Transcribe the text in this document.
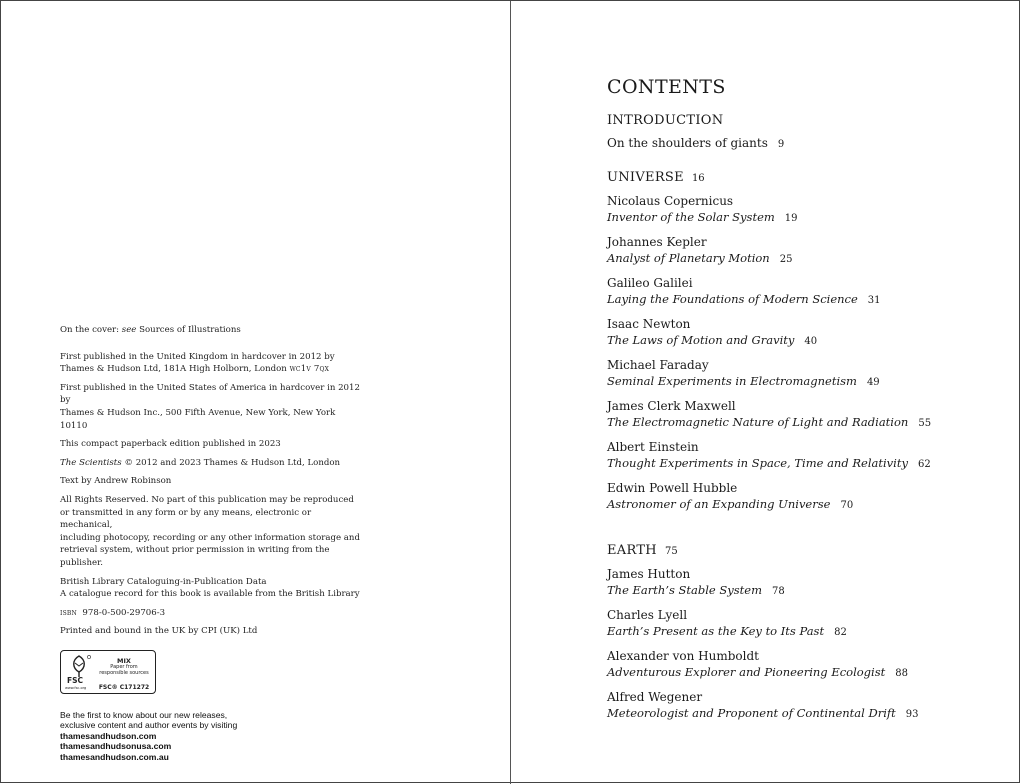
On the cover: see Sources of Illustrations

First published in the United Kingdom in hardcover in 2012 by
Thames & Hudson Ltd, 181A High Holborn, London wc1v 7qx

First published in the United States of America in hardcover in 2012 by
Thames & Hudson Inc., 500 Fifth Avenue, New York, New York 10110

This compact paperback edition published in 2023

The Scientists © 2012 and 2023 Thames & Hudson Ltd, London

Text by Andrew Robinson

All Rights Reserved. No part of this publication may be reproduced
or transmitted in any form or by any means, electronic or mechanical,
including photocopy, recording or any other information storage and
retrieval system, without prior permission in writing from the publisher.

British Library Cataloguing-in-Publication Data
A catalogue record for this book is available from the British Library

isbn 978-0-500-29706-3

Printed and bound in the UK by CPI (UK) Ltd

FSC
www.fsc.org
MIX
Paper from
responsible sources
FSC® C171272
Be the first to know about our new releases,
exclusive content and author events by visiting
thamesandhudson.com
thamesandhudsonusa.com
thamesandhudson.com.au
CONTENTS
INTRODUCTION
On the shoulders of giants 9
UNIVERSE 16
Nicolaus Copernicus
Inventor of the Solar System 19
Johannes Kepler
Analyst of Planetary Motion 25
Galileo Galilei
Laying the Foundations of Modern Science 31
Isaac Newton
The Laws of Motion and Gravity 40
Michael Faraday
Seminal Experiments in Electromagnetism 49
James Clerk Maxwell
The Electromagnetic Nature of Light and Radiation 55
Albert Einstein
Thought Experiments in Space, Time and Relativity 62
Edwin Powell Hubble
Astronomer of an Expanding Universe 70
EARTH 75
James Hutton
The Earth’s Stable System 78
Charles Lyell
Earth’s Present as the Key to Its Past 82
Alexander von Humboldt
Adventurous Explorer and Pioneering Ecologist 88
Alfred Wegener
Meteorologist and Proponent of Continental Drift 93
